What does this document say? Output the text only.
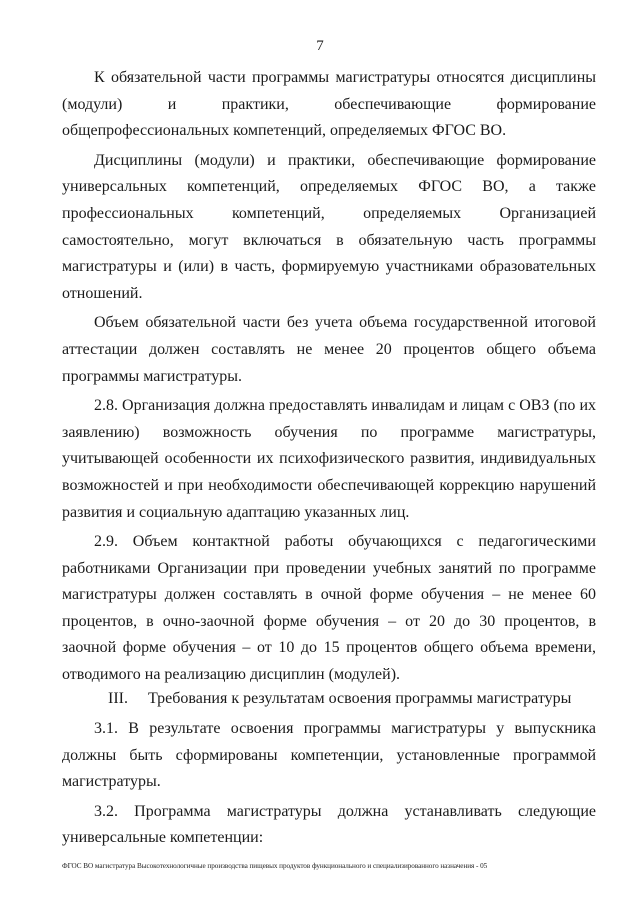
7

К обязательной части программы магистратуры относятся дисциплины (модули) и практики, обеспечивающие формирование общепрофессиональных компетенций, определяемых ФГОС ВО.

Дисциплины (модули) и практики, обеспечивающие формирование универсальных компетенций, определяемых ФГОС ВО, а также профессиональных компетенций, определяемых Организацией самостоятельно, могут включаться в обязательную часть программы магистратуры и (или) в часть, формируемую участниками образовательных отношений.

Объем обязательной части без учета объема государственной итоговой аттестации должен составлять не менее 20 процентов общего объема программы магистратуры.

2.8. Организация должна предоставлять инвалидам и лицам с ОВЗ (по их заявлению) возможность обучения по программе магистратуры, учитывающей особенности их психофизического развития, индивидуальных возможностей и при необходимости обеспечивающей коррекцию нарушений развития и социальную адаптацию указанных лиц.

2.9. Объем контактной работы обучающихся с педагогическими работниками Организации при проведении учебных занятий по программе магистратуры должен составлять в очной форме обучения – не менее 60 процентов, в очно-заочной форме обучения – от 20 до 30 процентов, в заочной форме обучения – от 10 до 15 процентов общего объема времени, отводимого на реализацию дисциплин (модулей).

III. Требования к результатам освоения программы магистратуры

3.1. В результате освоения программы магистратуры у выпускника должны быть сформированы компетенции, установленные программой магистратуры.

3.2. Программа магистратуры должна устанавливать следующие универсальные компетенции:

ФГОС ВО магистратура Высокотехнологичные производства пищевых продуктов функционального и специализированного назначения - 05
